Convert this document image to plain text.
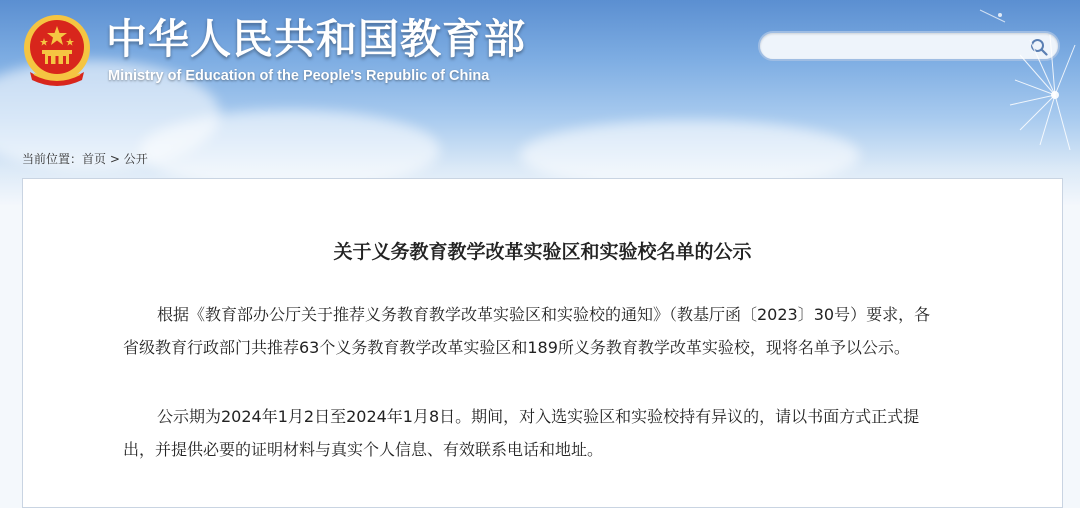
中华人民共和国教育部
Ministry of Education of the People's Republic of China
当前位置：首页 > 公开
关于义务教育教学改革实验区和实验校名单的公示

根据《教育部办公厅关于推荐义务教育教学改革实验区和实验校的通知》（教基厅函〔2023〕30号）要求，各省级教育行政部门共推荐63个义务教育教学改革实验区和189所义务教育教学改革实验校，现将名单予以公示。

公示期为2024年1月2日至2024年1月8日。期间，对入选实验区和实验校持有异议的，请以书面方式正式提出，并提供必要的证明材料与真实个人信息、有效联系电话和地址。
